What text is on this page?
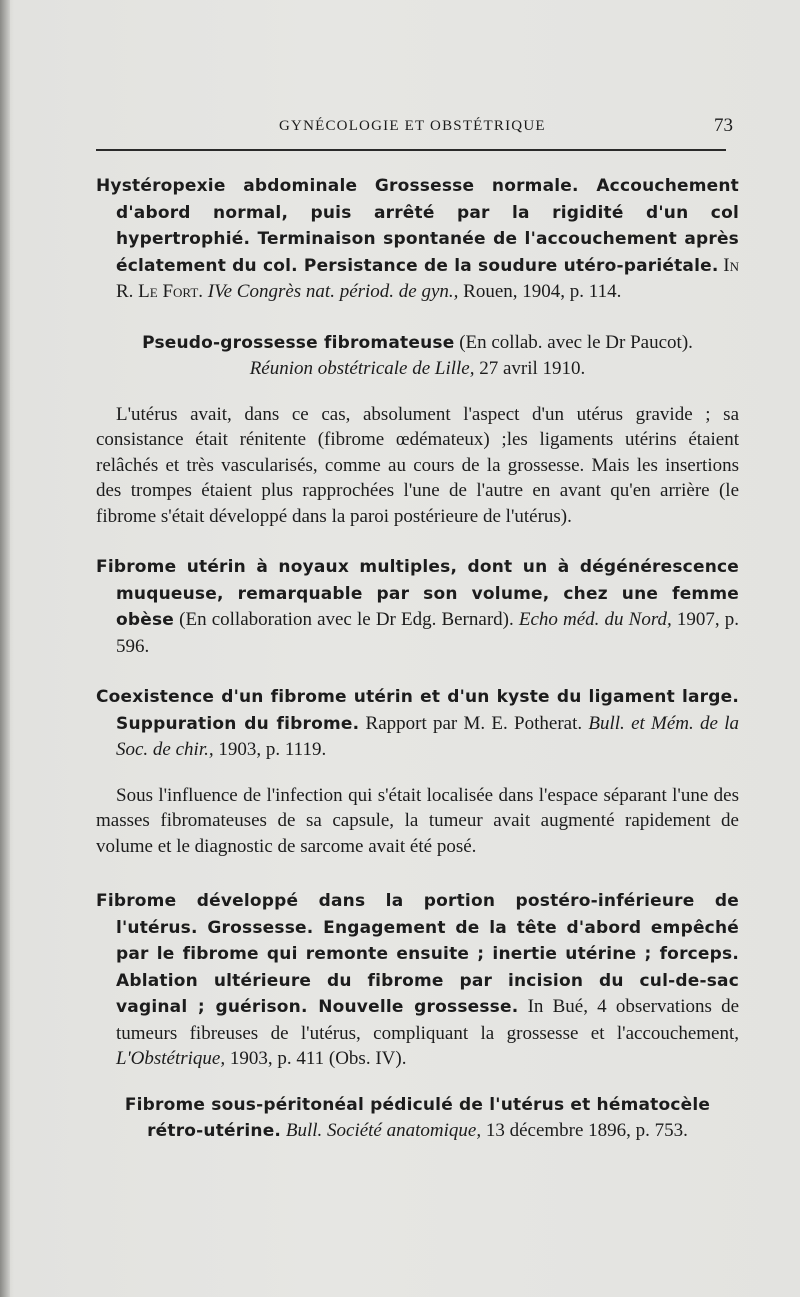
GYNÉCOLOGIE ET OBSTÉTRIQUE	73

Hystéropexie abdominale Grossesse normale. Accouchement d'abord normal, puis arrêté par la rigidité d'un col hypertrophié. Terminaison spontanée de l'accouchement après éclatement du col. Persistance de la soudure utéro-pariétale. In R. Le Fort. IVe Congrès nat. périod. de gyn., Rouen, 1904, p. 114.

Pseudo-grossesse fibromateuse (En collab. avec le Dr Paucot).
Réunion obstétricale de Lille, 27 avril 1910.

L'utérus avait, dans ce cas, absolument l'aspect d'un utérus gravide ; sa consistance était rénitente (fibrome œdémateux) ;les ligaments utérins étaient relâchés et très vascularisés, comme au cours de la grossesse. Mais les insertions des trompes étaient plus rapprochées l'une de l'autre en avant qu'en arrière (le fibrome s'était développé dans la paroi postérieure de l'utérus).

Fibrome utérin à noyaux multiples, dont un à dégénérescence muqueuse, remarquable par son volume, chez une femme obèse (En collaboration avec le Dr Edg. Bernard). Echo méd. du Nord, 1907, p. 596.

Coexistence d'un fibrome utérin et d'un kyste du ligament large. Suppuration du fibrome. Rapport par M. E. Potherat. Bull. et Mém. de la Soc. de chir., 1903, p. 1119.

Sous l'influence de l'infection qui s'était localisée dans l'espace séparant l'une des masses fibromateuses de sa capsule, la tumeur avait augmenté rapidement de volume et le diagnostic de sarcome avait été posé.

Fibrome développé dans la portion postéro-inférieure de l'utérus. Grossesse. Engagement de la tête d'abord empêché par le fibrome qui remonte ensuite ; inertie utérine ; forceps. Ablation ultérieure du fibrome par incision du cul-de-sac vaginal ; guérison. Nouvelle grossesse. In Bué, 4 observations de tumeurs fibreuses de l'utérus, compliquant la grossesse et l'accouchement, L'Obstétrique, 1903, p. 411 (Obs. IV).

Fibrome sous-péritonéal pédiculé de l'utérus et hématocèle rétro-utérine. Bull. Société anatomique, 13 décembre 1896, p. 753.
